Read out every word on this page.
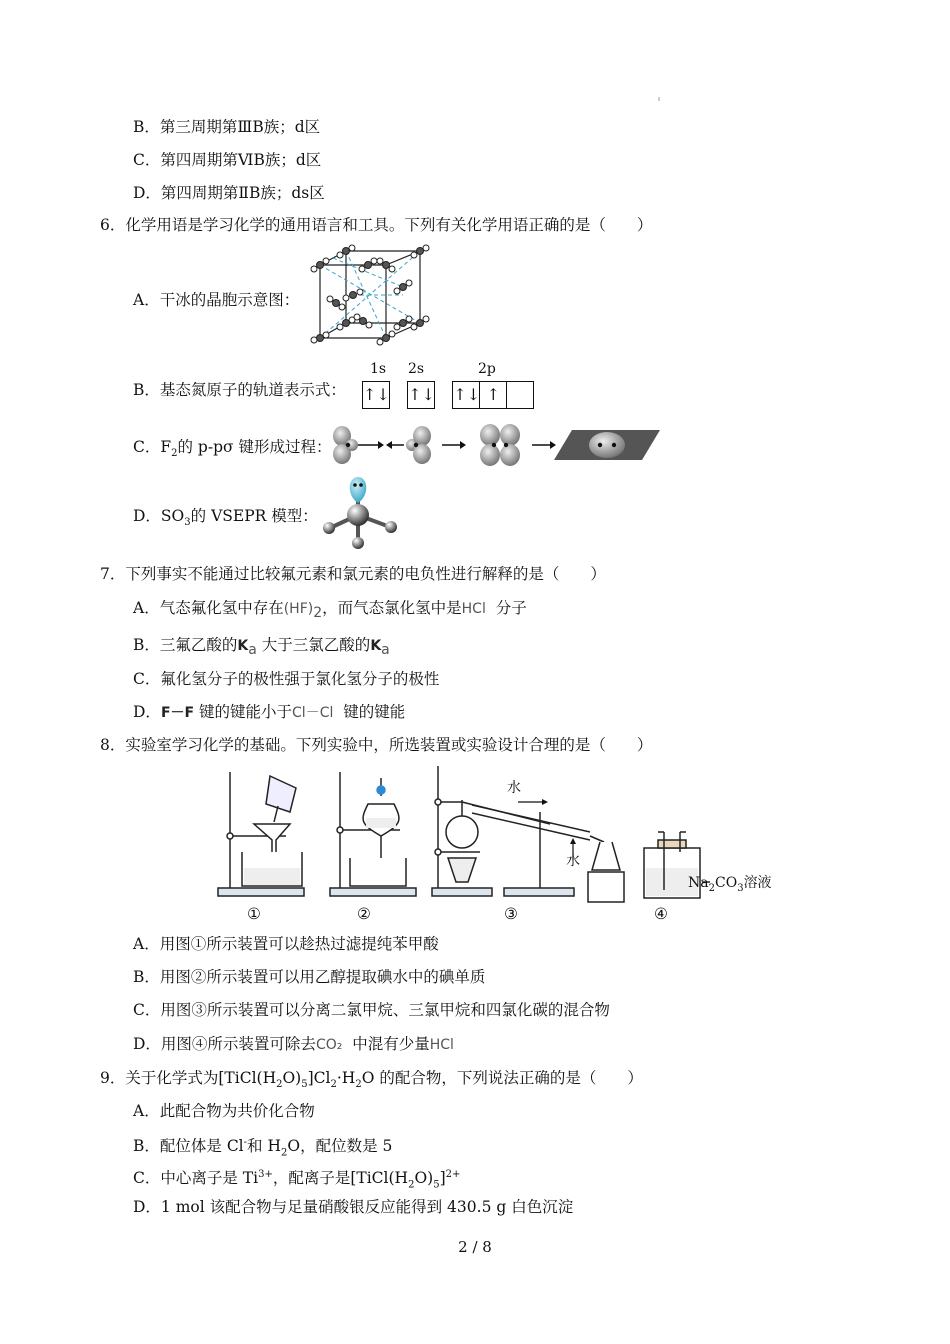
B．第三周期第ⅢB族；d区
C．第四周期第ⅥB族；d区
D．第四周期第ⅡB族；ds区
6．化学用语是学习化学的通用语言和工具。下列有关化学用语正确的是（　　）
A．干冰的晶胞示意图：
B．基态氮原子的轨道表示式：
1s 2s	2p
↑↓ ↑↓ ↑↓ ↑
C．$F_2$的 p-pσ 键形成过程：
D．$SO_3$的 VSEPR 模型：
7．下列事实不能通过比较氟元素和氯元素的电负性进行解释的是（　　）
A．气态氟化氢中存在$(HF)_2$，而气态氯化氢中是HCl 分子
B．三氟乙酸的$K_a$ 大于三氯乙酸的$K_a$
C．氟化氢分子的极性强于氯化氢分子的极性
D．F－F 键的键能小于Cl－Cl 键的键能
8．实验室学习化学的基础。下列实验中，所选装置或实验设计合理的是（　　）
水
水
$Na_2CO_3$溶液
①	②	③	④
A．用图①所示装置可以趁热过滤提纯苯甲酸
B．用图②所示装置可以用乙醇提取碘水中的碘单质
C．用图③所示装置可以分离二氯甲烷、三氯甲烷和四氯化碳的混合物
D．用图④所示装置可除去CO₂ 中混有少量HCl
9．关于化学式为$[TiCl(H_2O)_5]Cl_2\cdot H_2O$ 的配合物，下列说法正确的是（　　）
A．此配合物为共价化合物
B．配位体是 Cl-和 $H_2O$，配位数是 5
C．中心离子是 $Ti^{3+}$，配离子是$[TiCl(H_2O)_5]^{2+}$
D．1 mol 该配合物与足量硝酸银反应能得到 430.5 g 白色沉淀
2 / 8
